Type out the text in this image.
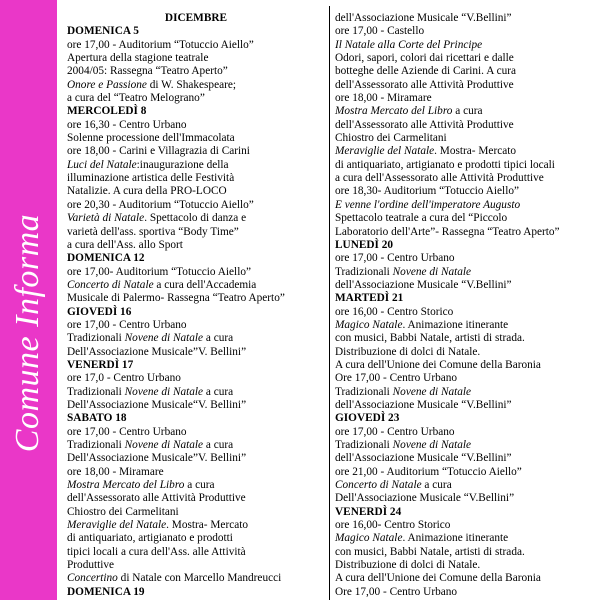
Comune Informa
DICEMBRE
DOMENICA 5
ore 17,00 - Auditorium “Totuccio Aiello”
Apertura della stagione teatrale
2004/05: Rassegna “Teatro Aperto”
Onore e Passione di W. Shakespeare;
a cura del “Teatro Melograno”
MERCOLEDÌ 8
ore 16,30 - Centro Urbano
Solenne processione dell'Immacolata
ore 18,00 - Carini e Villagrazia di Carini
Luci del Natale:inaugurazione della
illuminazione artistica delle Festività
Natalizie. A cura della PRO-LOCO
ore 20,30 - Auditorium “Totuccio Aiello”
Varietà di Natale. Spettacolo di danza e
varietà dell'ass. sportiva “Body Time”
a cura dell'Ass. allo Sport
DOMENICA 12
ore 17,00- Auditorium “Totuccio Aiello”
Concerto di Natale a cura dell'Accademia
Musicale di Palermo- Rassegna “Teatro Aperto”
GIOVEDÌ 16
ore 17,00 - Centro Urbano
Tradizionali Novene di Natale a cura
Dell'Associazione Musicale”V. Bellini”
VENERDÌ 17
ore 17,0 - Centro Urbano
Tradizionali Novene di Natale a cura
Dell'Associazione Musicale“V. Bellini”
SABATO 18
ore 17,00 - Centro Urbano
Tradizionali Novene di Natale a cura
Dell'Associazione Musicale”V. Bellini”
ore 18,00 - Miramare
Mostra Mercato del Libro a cura
dell'Assessorato alle Attività Produttive
Chiostro dei Carmelitani
Meraviglie del Natale. Mostra- Mercato
di antiquariato, artigianato e prodotti
tipici locali a cura dell'Ass. alle Attività
Produttive
Concertino di Natale con Marcello Mandreucci
DOMENICA 19
dell'Associazione Musicale “V.Bellini”
ore 17,00 - Castello
Il Natale alla Corte del Principe
Odori, sapori, colori dai ricettari e dalle
botteghe delle Aziende di Carini. A cura
dell'Assessorato alle Attività Produttive
ore 18,00 - Miramare
Mostra Mercato del Libro a cura
dell'Assessorato alle Attività Produttive
Chiostro dei Carmelitani
Meraviglie del Natale. Mostra- Mercato
di antiquariato, artigianato e prodotti tipici locali
a cura dell'Assessorato alle Attività Produttive
ore 18,30- Auditorium “Totuccio Aiello”
E venne l'ordine dell'imperatore Augusto
Spettacolo teatrale a cura del “Piccolo
Laboratorio dell'Arte”- Rassegna “Teatro Aperto”
LUNEDÌ 20
ore 17,00 - Centro Urbano
Tradizionali Novene di Natale
dell'Associazione Musicale “V.Bellini”
MARTEDÌ 21
ore 16,00 - Centro Storico
Magico Natale. Animazione itinerante
con musici, Babbi Natale, artisti di strada.
Distribuzione di dolci di Natale.
A cura dell'Unione dei Comune della Baronia
Ore 17,00 - Centro Urbano
Tradizionali Novene di Natale
dell'Associazione Musicale “V.Bellini”
GIOVEDÌ 23
ore 17,00 - Centro Urbano
Tradizionali Novene di Natale
dell'Associazione Musicale “V.Bellini”
ore 21,00 - Auditorium “Totuccio Aiello”
Concerto di Natale a cura
Dell'Associazione Musicale “V.Bellini”
VENERDÌ 24
ore 16,00- Centro Storico
Magico Natale. Animazione itinerante
con musici, Babbi Natale, artisti di strada.
Distribuzione di dolci di Natale.
A cura dell'Unione dei Comune della Baronia
Ore 17,00 - Centro Urbano
